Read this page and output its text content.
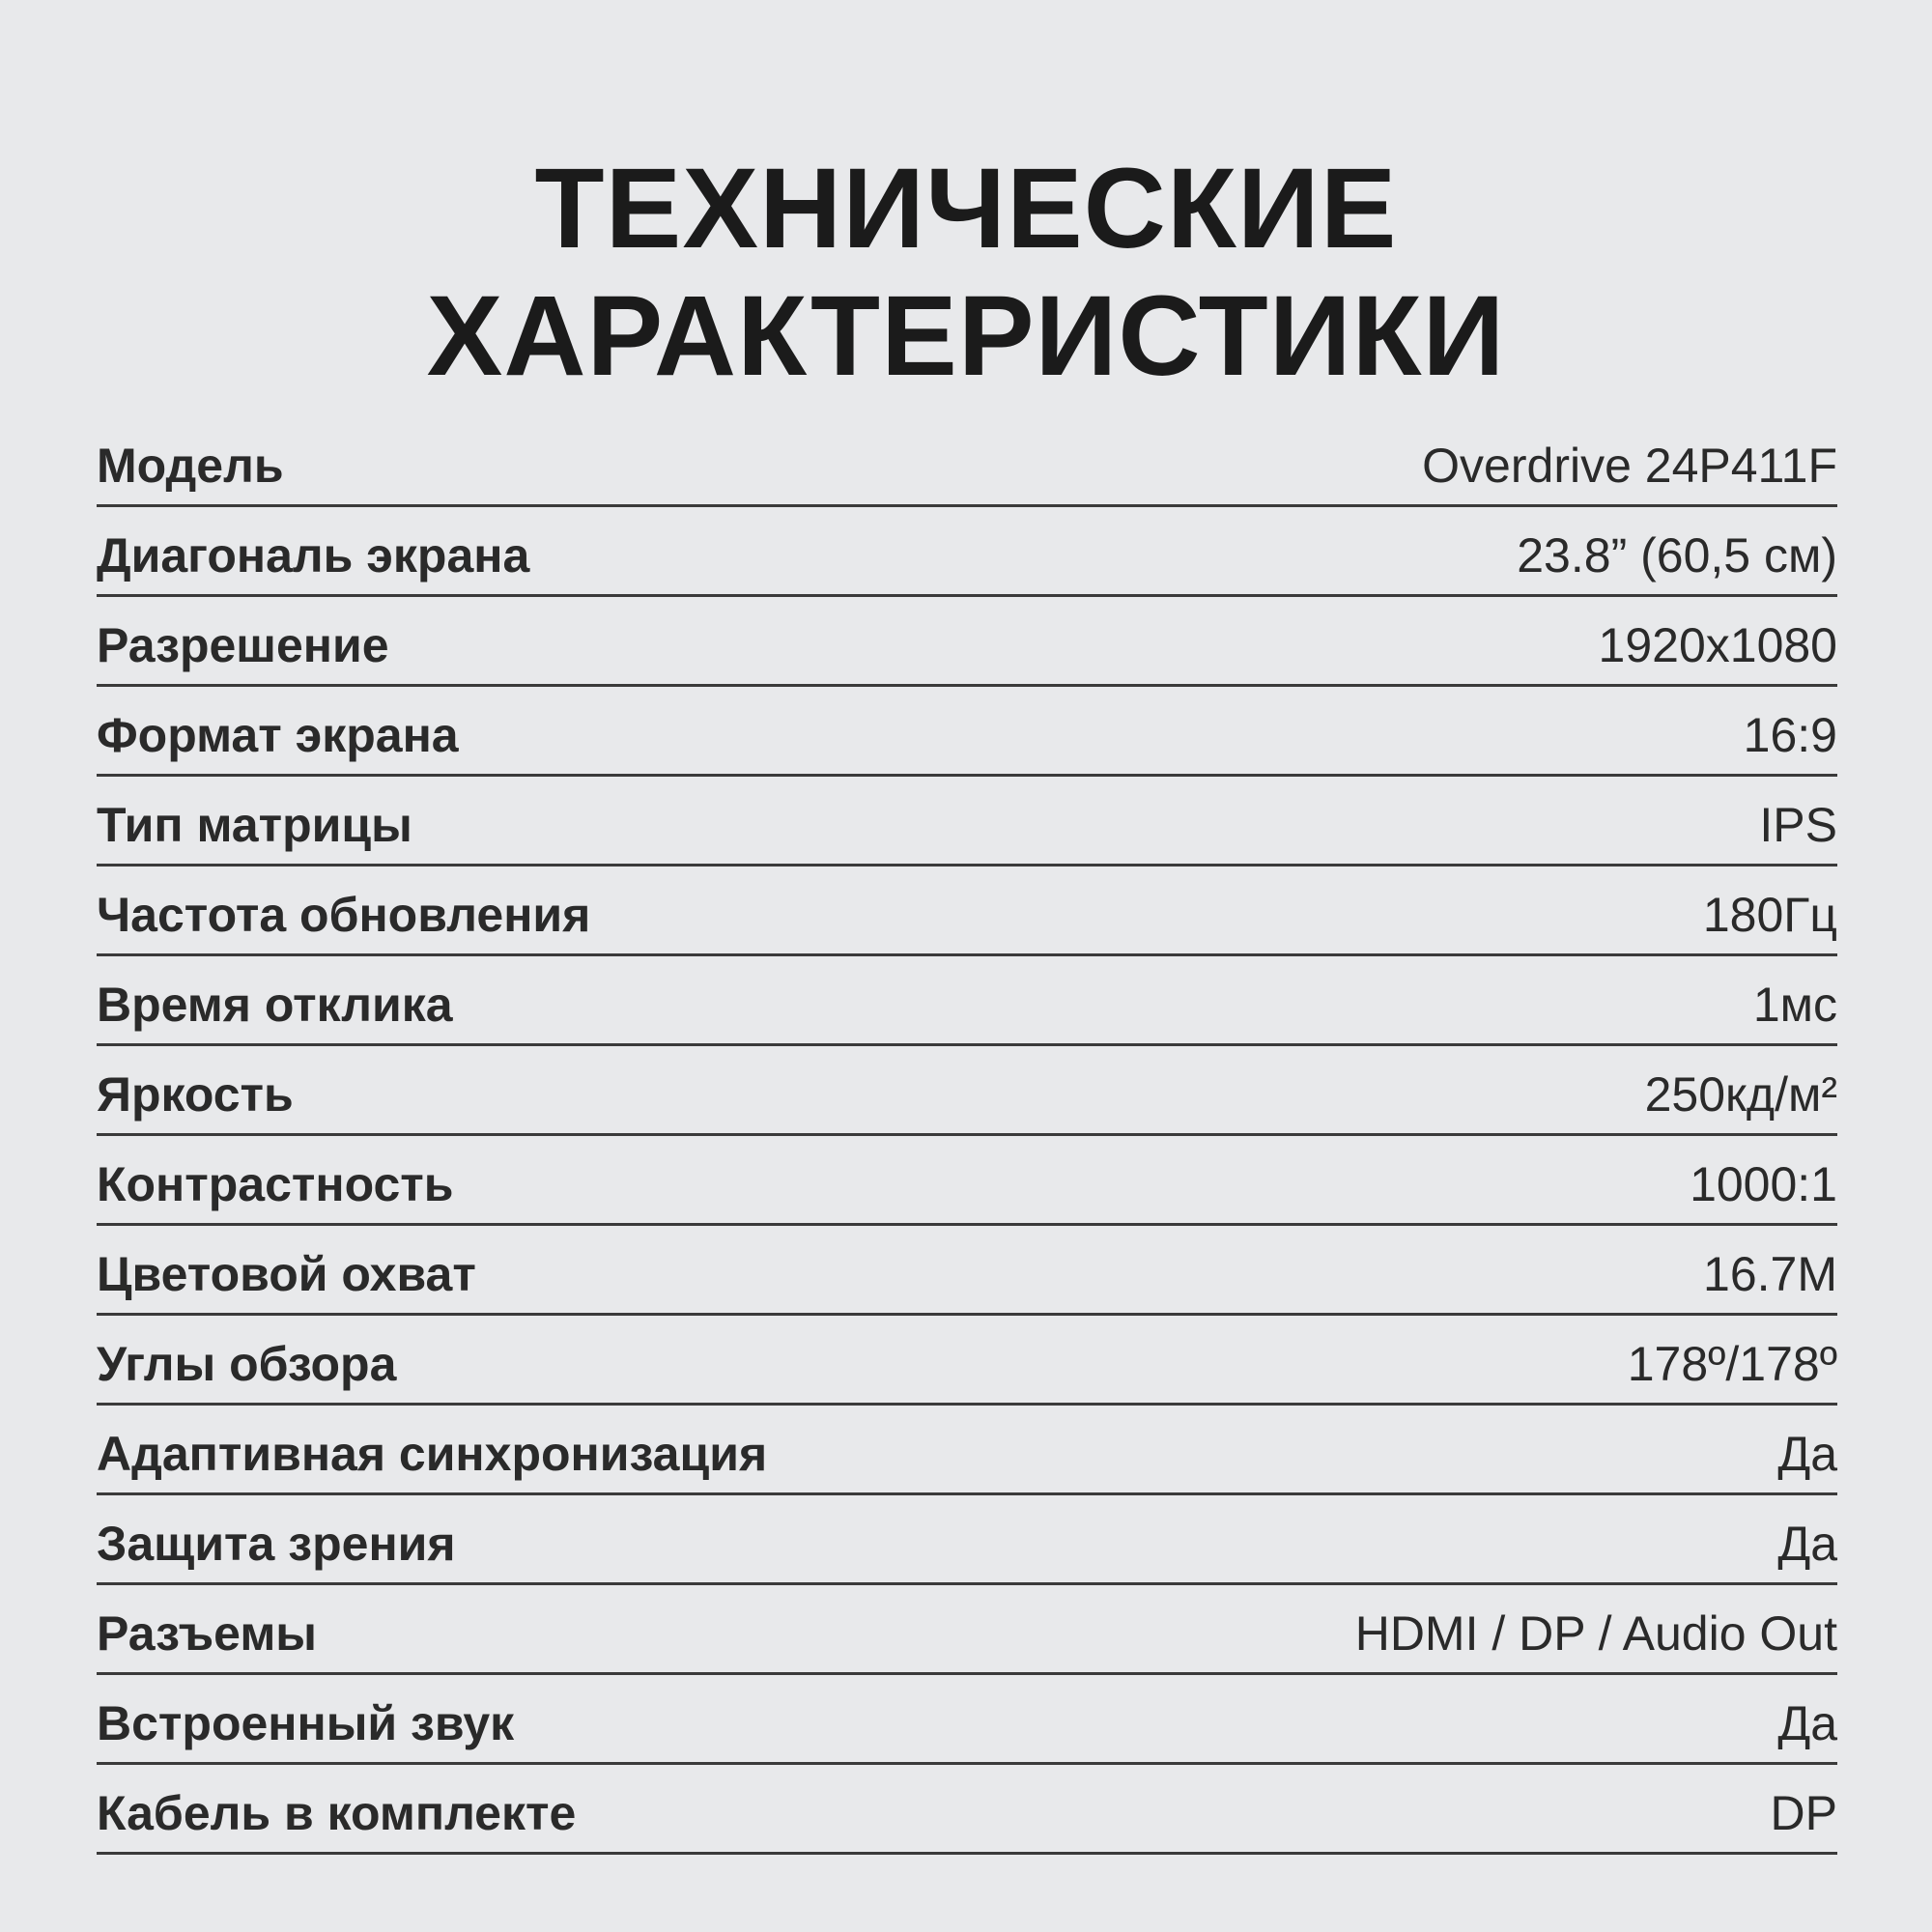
ТЕХНИЧЕСКИЕ
ХАРАКТЕРИСТИКИ
Модель	Overdrive 24P411F
Диагональ экрана	23.8” (60,5 см)
Разрешение	1920х1080
Формат экрана	16:9
Тип матрицы	IPS
Частота обновления	180Гц
Время отклика	1мс
Яркость	250кд/м²
Контрастность	1000:1
Цветовой охват	16.7М
Углы обзора	178º/178º
Адаптивная синхронизация	Да
Защита зрения	Да
Разъемы	HDMI / DP / Audio Out
Встроенный звук	Да
Кабель в комплекте	DP
